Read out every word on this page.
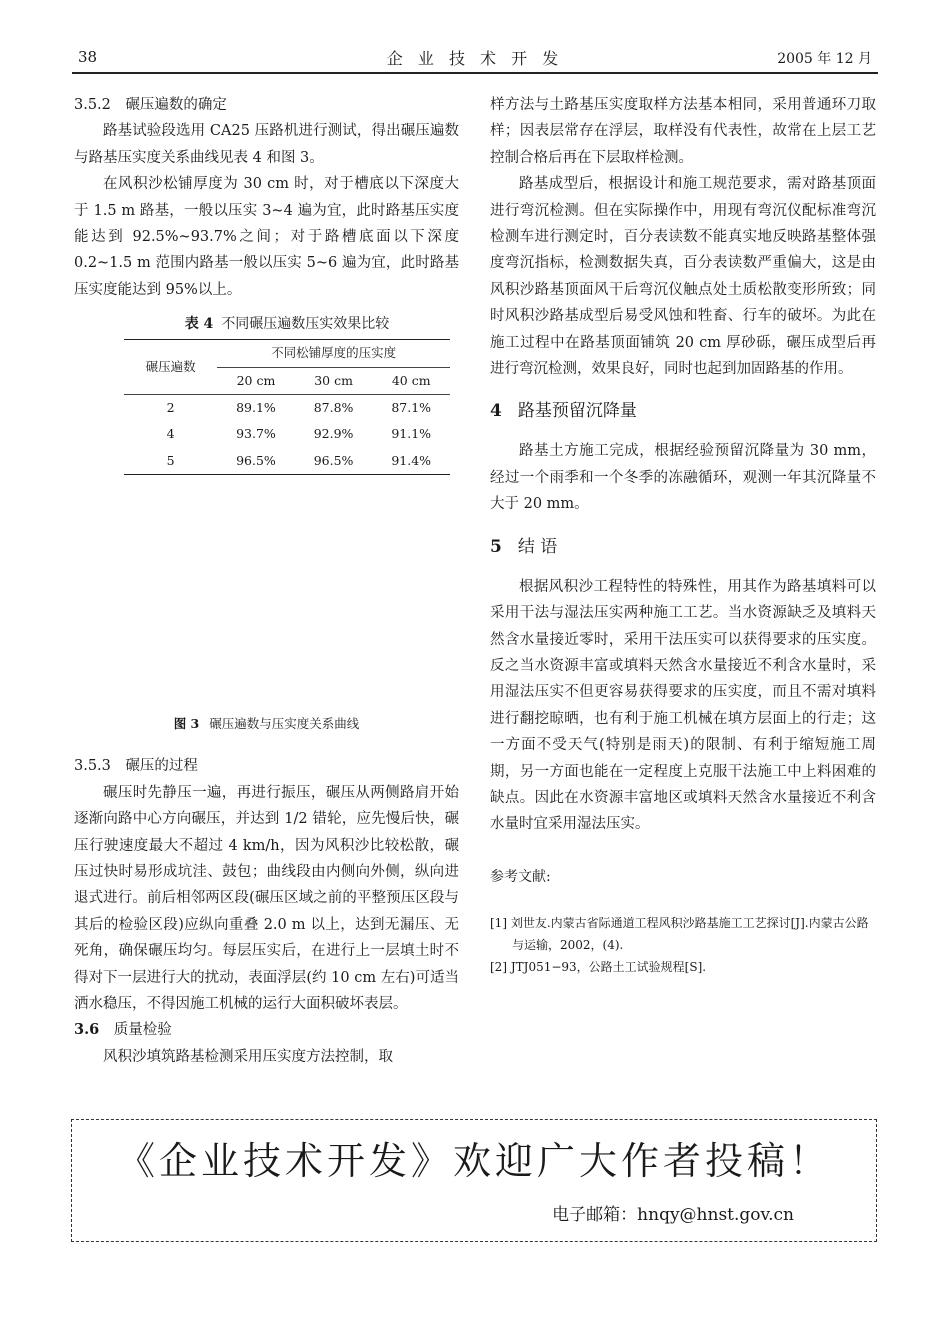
38	企 业 技 术 开 发	2005 年 12 月

3.5.2　碾压遍数的确定

路基试验段选用 CA25 压路机进行测试，得出碾压遍数与路基压实度关系曲线见表 4 和图 3。

在风积沙松铺厚度为 30 cm 时，对于槽底以下深度大于 1.5 m 路基，一般以压实 3~4 遍为宜，此时路基压实度能达到 92.5%~93.7%之间；对于路槽底面以下深度 0.2~1.5 m 范围内路基一般以压实 5~6 遍为宜，此时路基压实度能达到 95%以上。

表 4 不同碾压遍数压实效果比较
碾压遍数	不同松铺厚度的压实度		
	20 cm	30 cm	40 cm
2	89.1%	87.8%	87.1%
4	93.7%	92.9%	91.1%
5	96.5%	96.5%	91.4%
图 3 碾压遍数与压实度关系曲线

3.5.3　碾压的过程

碾压时先静压一遍，再进行振压，碾压从两侧路肩开始逐渐向路中心方向碾压，并达到 1/2 错轮，应先慢后快，碾压行驶速度最大不超过 4 km/h，因为风积沙比较松散，碾压过快时易形成坑洼、鼓包；曲线段由内侧向外侧，纵向进退式进行。前后相邻两区段(碾压区域之前的平整预压区段与其后的检验区段)应纵向重叠 2.0 m 以上，达到无漏压、无死角，确保碾压均匀。每层压实后，在进行上一层填土时不得对下一层进行大的扰动，表面浮层(约 10 cm 左右)可适当洒水稳压，不得因施工机械的运行大面积破坏表层。

3.6　 质量检验

风积沙填筑路基检测采用压实度方法控制，取

样方法与土路基压实度取样方法基本相同，采用普通环刀取样；因表层常存在浮层，取样没有代表性，故常在上层工艺控制合格后再在下层取样检测。

路基成型后，根据设计和施工规范要求，需对路基顶面进行弯沉检测。但在实际操作中，用现有弯沉仪配标准弯沉检测车进行测定时，百分表读数不能真实地反映路基整体强度弯沉指标，检测数据失真，百分表读数严重偏大，这是由风积沙路基顶面风干后弯沉仪触点处土质松散变形所致；同时风积沙路基成型后易受风蚀和牲畜、行车的破坏。为此在施工过程中在路基顶面铺筑 20 cm 厚砂砾，碾压成型后再进行弯沉检测，效果良好，同时也起到加固路基的作用。

4 路基预留沉降量

路基土方施工完成，根据经验预留沉降量为 30 mm，经过一个雨季和一个冬季的冻融循环，观测一年其沉降量不大于 20 mm。

5 结 语

根据风积沙工程特性的特殊性，用其作为路基填料可以采用干法与湿法压实两种施工工艺。当水资源缺乏及填料天然含水量接近零时，采用干法压实可以获得要求的压实度。反之当水资源丰富或填料天然含水量接近不利含水量时，采用湿法压实不但更容易获得要求的压实度，而且不需对填料进行翻挖晾晒，也有利于施工机械在填方层面上的行走；这一方面不受天气(特别是雨天)的限制、有利于缩短施工周期，另一方面也能在一定程度上克服干法施工中上料困难的缺点。因此在水资源丰富地区或填料天然含水量接近不利含水量时宜采用湿法压实。

参考文献:
[1] 刘世友.内蒙古省际通道工程风积沙路基施工工艺探讨[J].内蒙古公路与运输，2002，(4).
[2] JTJ051−93，公路土工试验规程[S].
《企业技术开发》欢迎广大作者投稿！
电子邮箱：hnqy@hnst.gov.cn
